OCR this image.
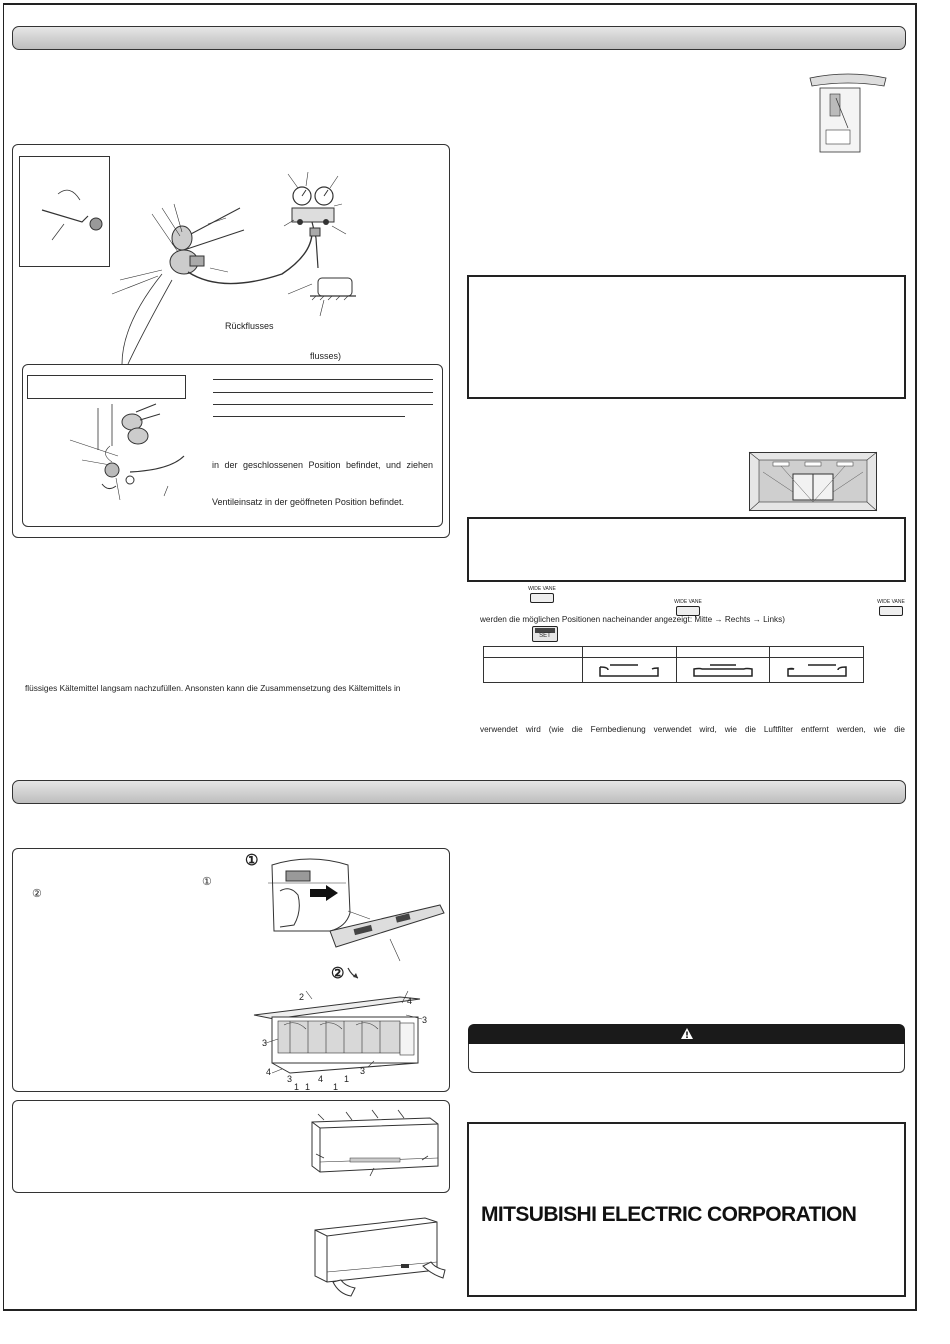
Rückflusses
flusses)
in der geschlossenen Position befindet, und ziehen
Ventileinsatz in der geöffneten Position befindet.
flüssiges Kältemittel langsam nachzufüllen. Ansonsten kann die Zusammensetzung des Kältemittels in
WIDE VANE
WIDE VANE	WIDE VANE
werden die möglichen Positionen nacheinander angezeigt: Mitte → Rechts → Links)
SET

verwendet wird (wie die Fernbedienung verwendet wird, wie die Luftfilter entfernt werden, wie die
①
②
①
②
2	4
3
3
4
3
1 1
4
1
1
3
MITSUBISHI ELECTRIC CORPORATION
